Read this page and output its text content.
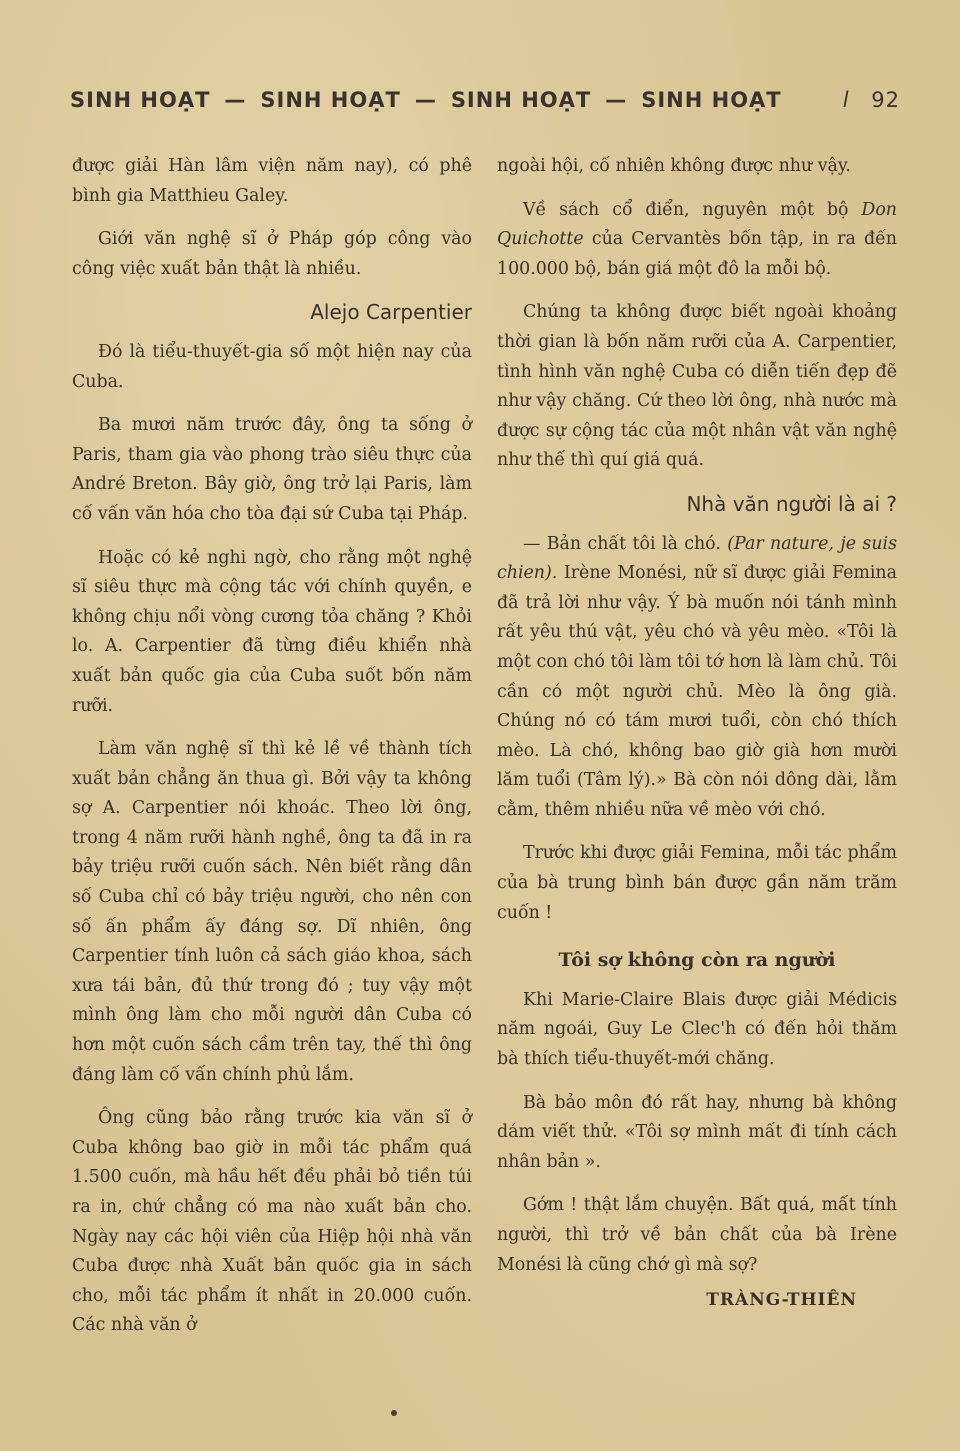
SINH HOẠT — SINH HOẠT — SINH HOẠT — SINH HOẠT	l 92

được giải Hàn lâm viện năm nay), có phê bình gia Matthieu Galey.

Giới văn nghệ sĩ ở Pháp góp công vào công việc xuất bản thật là nhiều.

Alejo Carpentier

Đó là tiểu-thuyết-gia số một hiện nay của Cuba.

Ba mươi năm trước đây, ông ta sống ở Paris, tham gia vào phong trào siêu thực của André Breton. Bây giờ, ông trở lại Paris, làm cố vấn văn hóa cho tòa đại sứ Cuba tại Pháp.

Hoặc có kẻ nghi ngờ, cho rằng một nghệ sĩ siêu thực mà cộng tác với chính quyền, e không chịu nổi vòng cương tỏa chăng ? Khỏi lo. A. Carpentier đã từng điều khiển nhà xuất bản quốc gia của Cuba suốt bốn năm rưỡi.

Làm văn nghệ sĩ thì kẻ lề về thành tích xuất bản chẳng ăn thua gì. Bởi vậy ta không sợ A. Carpentier nói khoác. Theo lời ông, trong 4 năm rưỡi hành nghề, ông ta đã in ra bảy triệu rưỡi cuốn sách. Nên biết rằng dân số Cuba chỉ có bảy triệu người, cho nên con số ấn phẩm ấy đáng sợ. Dĩ nhiên, ông Carpentier tính luôn cả sách giáo khoa, sách xưa tái bản, đủ thứ trong đó ; tuy vậy một mình ông làm cho mỗi người dân Cuba có hơn một cuốn sách cầm trên tay, thế thì ông đáng làm cố vấn chính phủ lắm.

Ông cũng bảo rằng trước kia văn sĩ ở Cuba không bao giờ in mỗi tác phẩm quá 1.500 cuốn, mà hầu hết đều phải bỏ tiền túi ra in, chứ chẳng có ma nào xuất bản cho. Ngày nay các hội viên của Hiệp hội nhà văn Cuba được nhà Xuất bản quốc gia in sách cho, mỗi tác phẩm ít nhất in 20.000 cuốn. Các nhà văn ở

ngoài hội, cố nhiên không được như vậy.

Về sách cổ điển, nguyên một bộ Don Quichotte của Cervantès bốn tập, in ra đến 100.000 bộ, bán giá một đô la mỗi bộ.

Chúng ta không được biết ngoài khoảng thời gian là bốn năm rưỡi của A. Carpentier, tình hình văn nghệ Cuba có diễn tiến đẹp đẽ như vậy chăng. Cứ theo lời ông, nhà nước mà được sự cộng tác của một nhân vật văn nghệ như thế thì quí giá quá.

Nhà văn người là ai ?

— Bản chất tôi là chó. (Par nature, je suis chien). Irène Monési, nữ sĩ được giải Femina đã trả lời như vậy. Ý bà muốn nói tánh mình rất yêu thú vật, yêu chó và yêu mèo. «Tôi là một con chó tôi làm tôi tớ hơn là làm chủ. Tôi cần có một người chủ. Mèo là ông già. Chúng nó có tám mươi tuổi, còn chó thích mèo. Là chó, không bao giờ già hơn mười lăm tuổi (Tâm lý).» Bà còn nói dông dài, lằm cằm, thêm nhiều nữa về mèo với chó.

Trước khi được giải Femina, mỗi tác phẩm của bà trung bình bán được gần năm trăm cuốn !

Tôi sợ không còn ra người

Khi Marie-Claire Blais được giải Médicis năm ngoái, Guy Le Clec'h có đến hỏi thăm bà thích tiểu-thuyết-mới chăng.

Bà bảo môn đó rất hay, nhưng bà không dám viết thử. «Tôi sợ mình mất đi tính cách nhân bản ».

Gớm ! thật lắm chuyện. Bất quá, mất tính người, thì trở về bản chất của bà Irène Monési là cũng chớ gì mà sợ?

TRÀNG-THIÊN
